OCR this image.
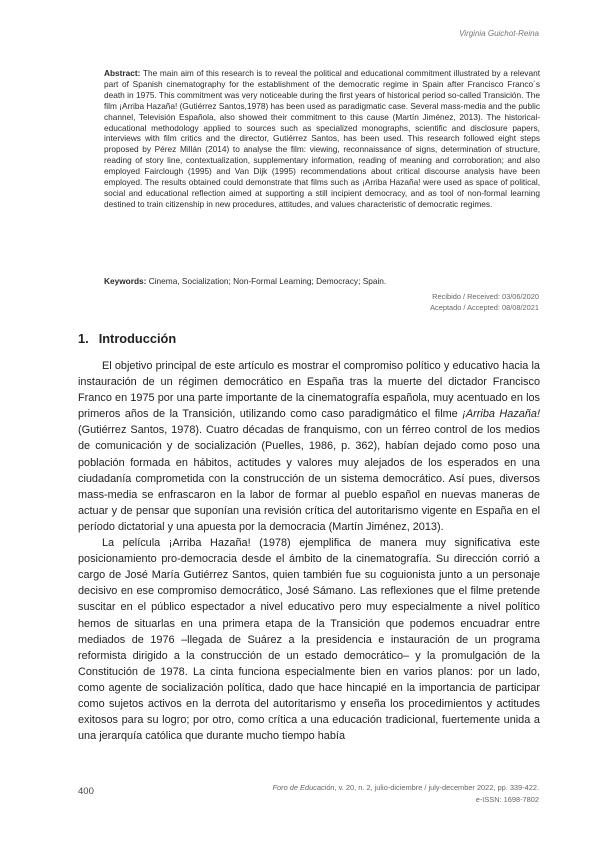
Virginia Guichot-Reina

Abstract: The main aim of this research is to reveal the political and educational commitment illustrated by a relevant part of Spanish cinematography for the establishment of the democratic regime in Spain after Francisco Franco´s death in 1975. This commitment was very noticeable during the first years of historical period so-called Transición. The film ¡Arriba Hazaña! (Gutiérrez Santos,1978) has been used as paradigmatic case. Several mass-media and the public channel, Televisión Española, also showed their commitment to this cause (Martín Jiménez, 2013). The historical-educational methodology applied to sources such as specialized monographs, scientific and disclosure papers, interviews with film critics and the director, Gutiérrez Santos, has been used. This research followed eight steps proposed by Pérez Millán (2014) to analyse the film: viewing, reconnaissance of signs, determination of structure, reading of story line, contextualization, supplementary information, reading of meaning and corroboration; and also employed Fairclough (1995) and Van Dijk (1995) recommendations about critical discourse analysis have been employed. The results obtained could demonstrate that films such as ¡Arriba Hazaña! were used as space of political, social and educational reflection aimed at supporting a still incipient democracy, and as tool of non-formal learning destined to train citizenship in new procedures, attitudes, and values characteristic of democratic regimes.

Keywords: Cinema, Socialization; Non-Formal Learning; Democracy; Spain.

Recibido / Received: 03/06/2020
Aceptado / Accepted: 08/08/2021
1. Introducción

El objetivo principal de este artículo es mostrar el compromiso político y educativo hacia la instauración de un régimen democrático en España tras la muerte del dictador Francisco Franco en 1975 por una parte importante de la cinematografía española, muy acentuado en los primeros años de la Transición, utilizando como caso paradigmático el filme ¡Arriba Hazaña! (Gutiérrez Santos, 1978). Cuatro décadas de franquismo, con un férreo control de los medios de comunicación y de socialización (Puelles, 1986, p. 362), habían dejado como poso una población formada en hábitos, actitudes y valores muy alejados de los esperados en una ciudadanía comprometida con la construcción de un sistema democrático. Así pues, diversos mass-media se enfrascaron en la labor de formar al pueblo español en nuevas maneras de actuar y de pensar que suponían una revisión crítica del autoritarismo vigente en España en el período dictatorial y una apuesta por la democracia (Martín Jiménez, 2013).

La película ¡Arriba Hazaña! (1978) ejemplifica de manera muy significativa este posicionamiento pro-democracia desde el ámbito de la cinematografía. Su dirección corrió a cargo de José María Gutiérrez Santos, quien también fue su coguionista junto a un personaje decisivo en ese compromiso democrático, José Sámano. Las reflexiones que el filme pretende suscitar en el público espectador a nivel educativo pero muy especialmente a nivel político hemos de situarlas en una primera etapa de la Transición que podemos encuadrar entre mediados de 1976 –llegada de Suárez a la presidencia e instauración de un programa reformista dirigido a la construcción de un estado democrático– y la promulgación de la Constitución de 1978. La cinta funciona especialmente bien en varios planos: por un lado, como agente de socialización política, dado que hace hincapié en la importancia de participar como sujetos activos en la derrota del autoritarismo y enseña los procedimientos y actitudes exitosos para su logro; por otro, como crítica a una educación tradicional, fuertemente unida a una jerarquía católica que durante mucho tiempo había

400	Foro de Educación, v. 20, n. 2, julio-diciembre / july-december 2022, pp. 339-422.
e-ISSN: 1698-7802
